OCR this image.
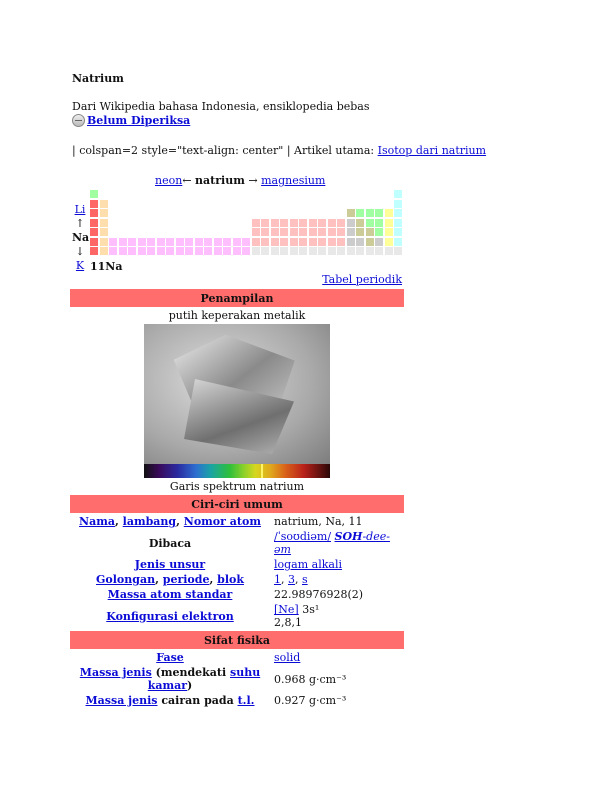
Natrium
Dari Wikipedia bahasa Indonesia, ensiklopedia bebas
Belum Diperiksa
| colspan=2 style="text-align: center" | Artikel utama: Isotop dari natrium
neon← natrium → magnesium
Li
↑
Na
↓
K 11Na
Tabel periodik
Penampilan	
putih keperakan metalik	

Garis spektrum natrium	
Ciri-ciri umum	
Nama, lambang, Nomor atom	natrium, Na, 11
Dibaca	/ˈsoʊdiəm/ SOH-dee-əm
Jenis unsur	logam alkali
Golongan, periode, blok	1, 3, s
Massa atom standar	22.98976928(2)
Konfigurasi elektron	[Ne] 3s¹
2,8,1
Sifat fisika	
Fase	solid
Massa jenis (mendekati suhu kamar)	0.968 g·cm⁻³
Massa jenis cairan pada t.l.	0.927 g·cm⁻³
